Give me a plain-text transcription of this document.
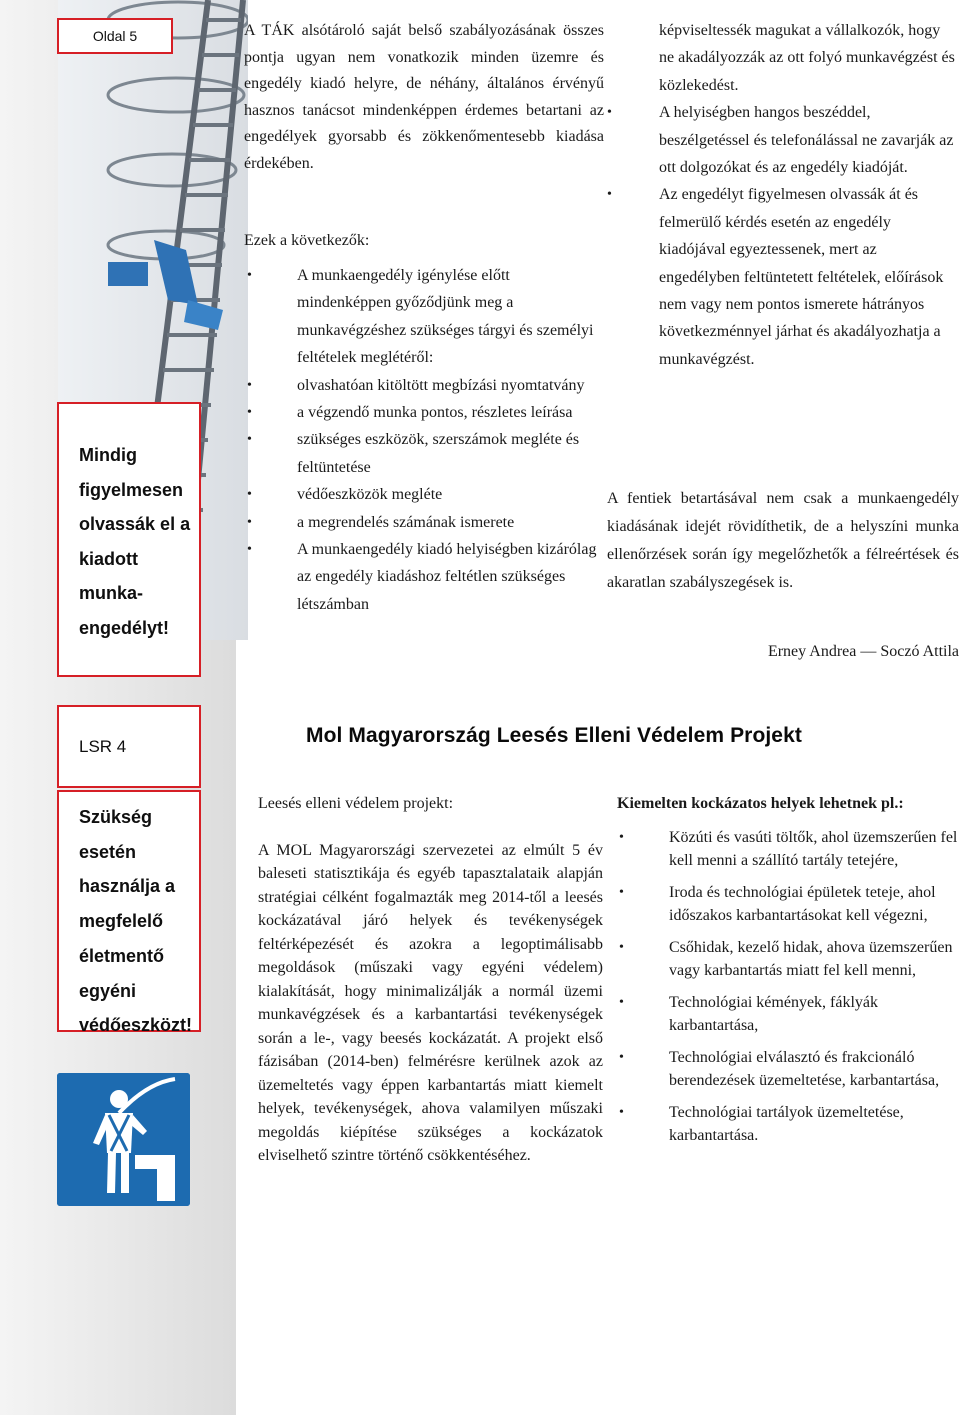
Oldal 5	A TÁK alsótároló saját belső szabályozásának összes pontja ugyan nem vonatkozik minden üzemre és engedély kiadó helyre, de néhány, általános érvényű hasznos tanácsot mindenképpen érdemes betartani az engedélyek gyorsabb és zökkenőmentesebb kiadása érdekében.

Ezek a következők:

•	A munkaengedély igénylése előtt mindenképpen győződjünk meg a munkavégzéshez szükséges tárgyi és személyi feltételek meglétéről:
•	olvashatóan kitöltött megbízási nyomtatvány
•	a végzendő munka pontos, részletes leírása
•	szükséges eszközök, szerszámok megléte és feltüntetése
•	védőeszközök megléte
•	a megrendelés számának ismerete
•	A munkaengedély kiadó helyiségben kizárólag az engedély kiadáshoz feltétlen szükséges létszámban

képviseltessék magukat a vállalkozók, hogy ne akadályozzák az ott folyó munkavégzést és közlekedést.

•	A helyiségben hangos beszéddel, beszélgetéssel és telefonálással ne zavarják az ott dolgozókat és az engedély kiadóját.
•	Az engedélyt figyelmesen olvassák át és felmerülő kérdés esetén az engedély kiadójával egyeztessenek, mert az engedélyben feltüntetett feltételek, előírások nem vagy nem pontos ismerete hátrányos következménnyel járhat és akadályozhatja a munkavégzést.

A fentiek betartásával nem csak a munkaengedély kiadásának idejét rövidíthetik, de a helyszíni munka ellenőrzések során így megelőzhetők a félreértések és akaratlan szabályszegések is.

Erney Andrea — Soczó Attila

Mindig
figyelmesen
olvassák el a
kiadott
munka-
engedélyt!
LSR 4	Mol Magyarország Leesés Elleni Védelem Projekt
Szükség
esetén
használja a
megfelelő
életmentő
egyéni
védőeszközt!

Leesés elleni védelem projekt:

A MOL Magyarországi szervezetei az elmúlt 5 év baleseti statisztikája és egyéb tapasztalataik alapján stratégiai célként fogalmazták meg 2014-től a leesés kockázatával járó helyek és tevékenységek feltérképezését és azokra a legoptimálisabb megoldások (műszaki vagy egyéni védelem) kialakítását, hogy minimalizálják a normál üzemi munkavégzések és a karbantartási tevékenységek során a le-, vagy beesés kockázatát. A projekt első fázisában (2014-ben) felmérésre kerülnek azok az üzemeltetés vagy éppen karbantartás miatt kiemelt helyek, tevékenységek, ahova valamilyen műszaki megoldás kiépítése szükséges a kockázatok elviselhető szintre történő csökkentéséhez.

Kiemelten kockázatos helyek lehetnek pl.:

•	Közúti és vasúti töltők, ahol üzemszerűen fel kell menni a szállító tartály tetejére,
•	Iroda és technológiai épületek teteje, ahol időszakos karbantartásokat kell végezni,
•	Csőhidak, kezelő hidak, ahova üzemszerűen vagy karbantartás miatt fel kell menni,
•	Technológiai kémények, fáklyák karbantartása,
•	Technológiai elválasztó és frakcionáló berendezések üzemeltetése, karbantartása,
•	Technológiai tartályok üzemeltetése, karbantartása.
